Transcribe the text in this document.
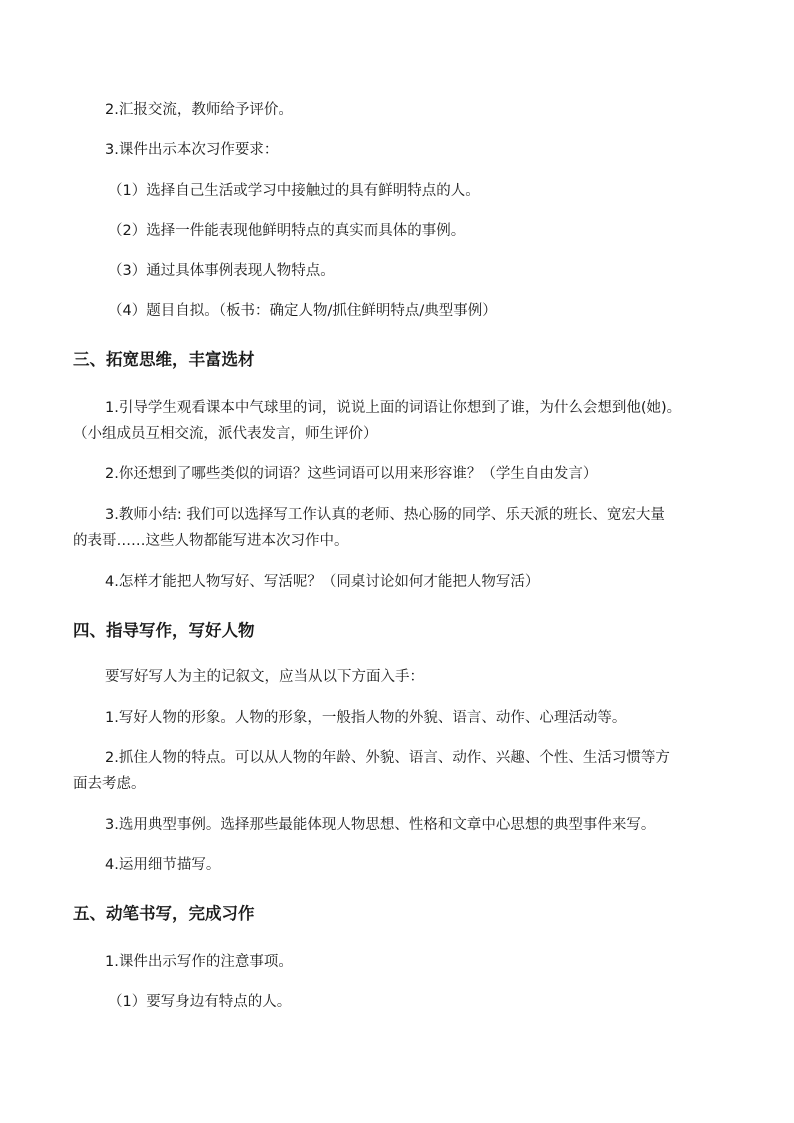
2.汇报交流，教师给予评价。
3.课件出示本次习作要求：
（1）选择自己生活或学习中接触过的具有鲜明特点的人。
（2）选择一件能表现他鲜明特点的真实而具体的事例。
（3）通过具体事例表现人物特点。
（4）题目自拟。（板书：确定人物/抓住鲜明特点/典型事例）
三、拓宽思维，丰富选材
1.引导学生观看课本中气球里的词，说说上面的词语让你想到了谁，为什么会想到他(她)。
（小组成员互相交流，派代表发言，师生评价）
2.你还想到了哪些类似的词语？这些词语可以用来形容谁？（学生自由发言）
3.教师小结: 我们可以选择写工作认真的老师、热心肠的同学、乐天派的班长、宽宏大量
的表哥……这些人物都能写进本次习作中。
4.怎样才能把人物写好、写活呢？（同桌讨论如何才能把人物写活）
四、指导写作，写好人物
要写好写人为主的记叙文，应当从以下方面入手：
1.写好人物的形象。人物的形象，一般指人物的外貌、语言、动作、心理活动等。
2.抓住人物的特点。可以从人物的年龄、外貌、语言、动作、兴趣、个性、生活习惯等方
面去考虑。
3.选用典型事例。选择那些最能体现人物思想、性格和文章中心思想的典型事件来写。
4.运用细节描写。
五、动笔书写，完成习作
1.课件出示写作的注意事项。
（1）要写身边有特点的人。
